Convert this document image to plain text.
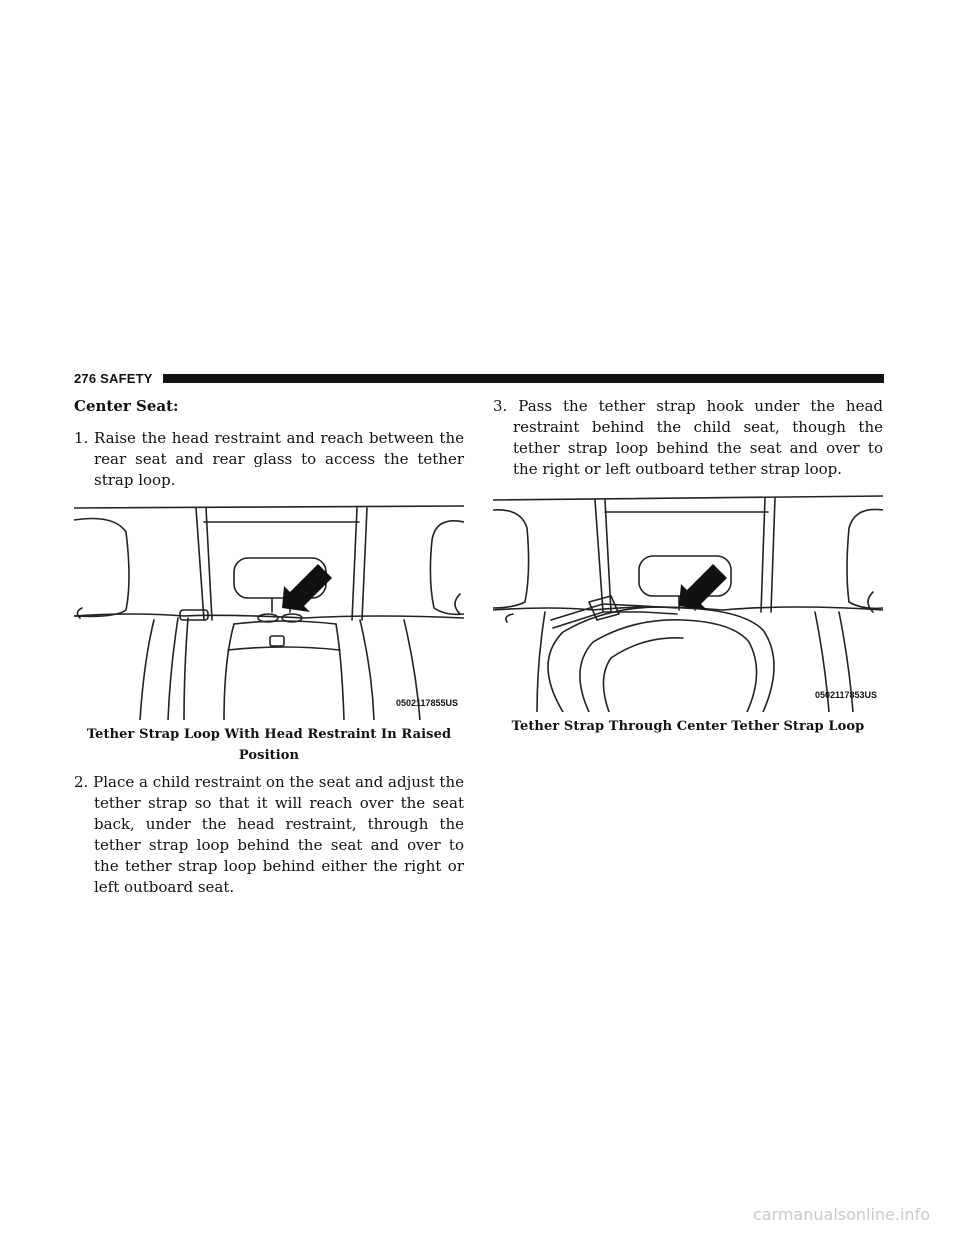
276 SAFETY

Center Seat:

1. Raise the head restraint and reach between the rear seat and rear glass to access the tether strap loop.

0502117855US
Tether Strap Loop With Head Restraint In Raised Position

2. Place a child restraint on the seat and adjust the tether strap so that it will reach over the seat back, under the head restraint, through the tether strap loop behind the seat and over to the tether strap loop behind either the right or left outboard seat.

3. Pass the tether strap hook under the head restraint behind the child seat, though the tether strap loop behind the seat and over to the right or left outboard tether strap loop.

0502117853US
Tether Strap Through Center Tether Strap Loop
carmanualsonline.info
